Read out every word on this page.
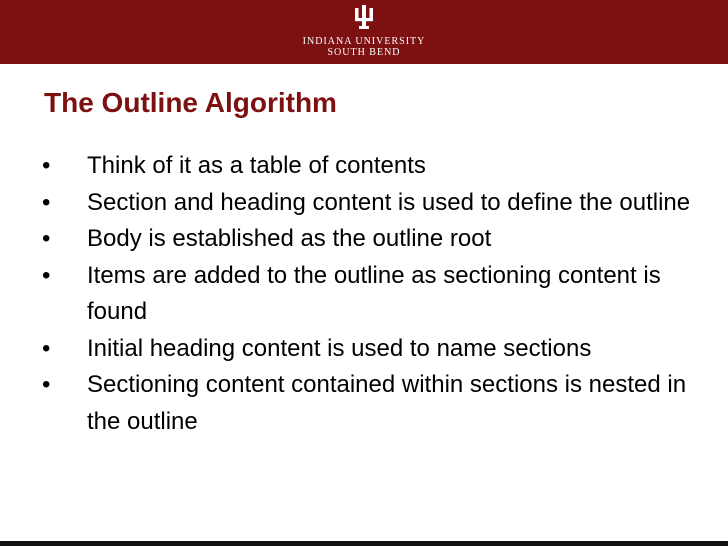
INDIANA UNIVERSITY
SOUTH BEND
The Outline Algorithm
• Think of it as a table of contents
• Section and heading content is used to define the outline
• Body is established as the outline root
• Items are added to the outline as sectioning content is found
• Initial heading content is used to name sections
• Sectioning content contained within sections is nested in the outline
